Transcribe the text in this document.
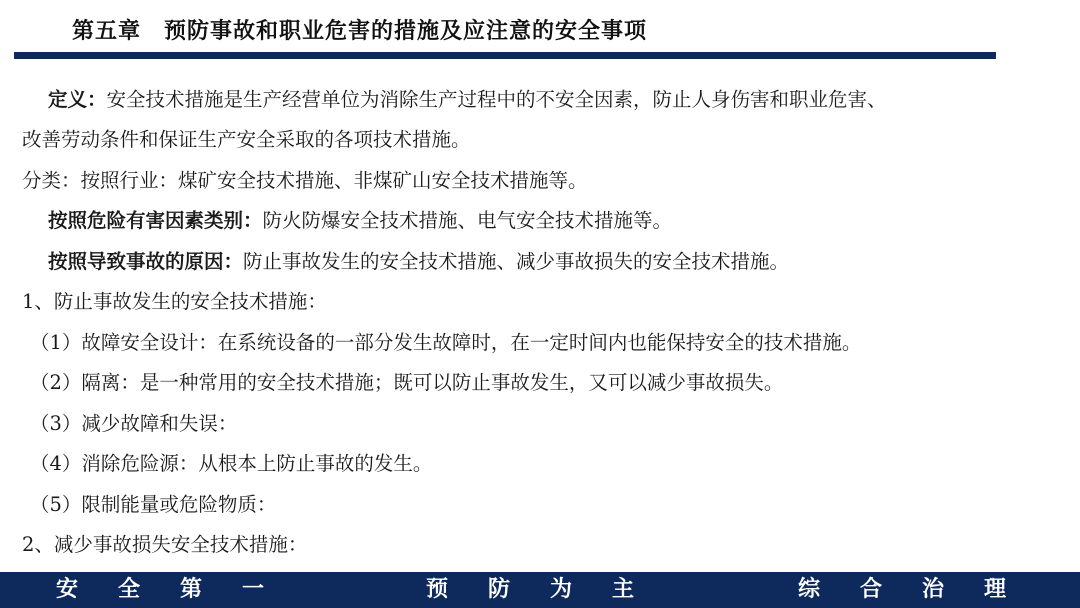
第五章　预防事故和职业危害的措施及应注意的安全事项
定义：安全技术措施是生产经营单位为消除生产过程中的不安全因素，防止人身伤害和职业危害、
改善劳动条件和保证生产安全采取的各项技术措施。
分类：按照行业：煤矿安全技术措施、非煤矿山安全技术措施等。
按照危险有害因素类别：防火防爆安全技术措施、电气安全技术措施等。
按照导致事故的原因：防止事故发生的安全技术措施、减少事故损失的安全技术措施。
1、防止事故发生的安全技术措施：
（1）故障安全设计：在系统设备的一部分发生故障时，在一定时间内也能保持安全的技术措施。
（2）隔离：是一种常用的安全技术措施；既可以防止事故发生，又可以减少事故损失。
（3）减少故障和失误：
（4）消除危险源：从根本上防止事故的发生。
（5）限制能量或危险物质：
2、减少事故损失安全技术措施：
安 全 第 一	预 防 为 主	综 合 治 理
